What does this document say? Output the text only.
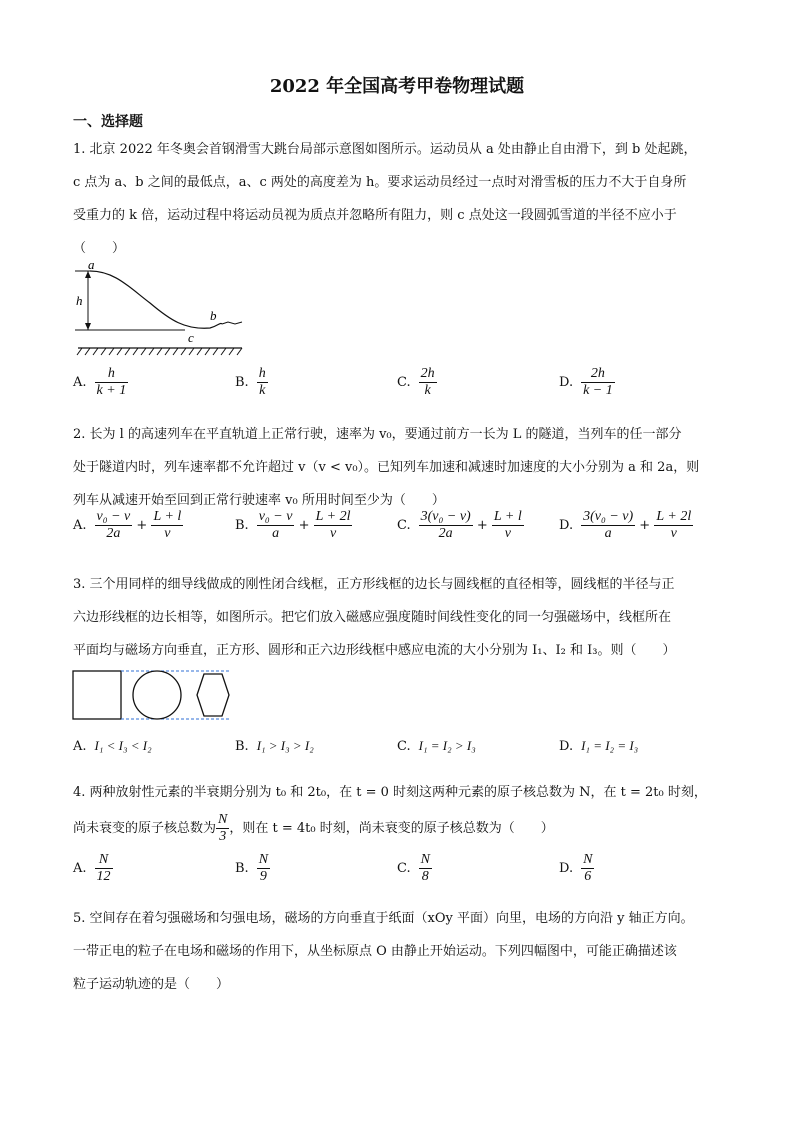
2022 年全国高考甲卷物理试题
一、选择题
1. 北京 2022 年冬奥会首钢滑雪大跳台局部示意图如图所示。运动员从 a 处由静止自由滑下，到 b 处起跳，
c 点为 a、b 之间的最低点，a、c 两处的高度差为 h。要求运动员经过一点时对滑雪板的压力不大于自身所
受重力的 k 倍，运动过程中将运动员视为质点并忽略所有阻力，则 c 点处这一段圆弧雪道的半径不应小于
（　　）
a
h
b
c
A. $\frac{h}{k + 1}$	B. $\frac{h}{k}$	C. $\frac{2h}{k}$	D. $\frac{2h}{k - 1}$
2. 长为 l 的高速列车在平直轨道上正常行驶，速率为 v₀，要通过前方一长为 L 的隧道，当列车的任一部分
处于隧道内时，列车速率都不允许超过 v（v < v₀）。已知列车加速和减速时加速度的大小分别为 a 和 2a，则
列车从减速开始至回到正常行驶速率 v₀ 所用时间至少为（　　）
A. $\frac{\text{v₀ − v}}{2a} + \frac{L + l}{v}$	B. $\frac{\text{v₀ − v}}{a} + \frac{L + 2l}{v}$	C. $\frac{\text{3(v₀ − v)}}{2a} + \frac{L + l}{v}$	D. $\frac{\text{3(v₀ − v)}}{a} + \frac{L + 2l}{v}$
3. 三个用同样的细导线做成的刚性闭合线框，正方形线框的边长与圆线框的直径相等，圆线框的半径与正
六边形线框的边长相等，如图所示。把它们放入磁感应强度随时间线性变化的同一匀强磁场中，线框所在
平面均与磁场方向垂直，正方形、圆形和正六边形线框中感应电流的大小分别为 I₁、I₂ 和 I₃。则（　　）
A. I₁ < I₃ < I₂	B. I₁ > I₃ > I₂	C. I₁ = I₂ > I₃	D. I₁ = I₂ = I₃
4. 两种放射性元素的半衰期分别为 t₀ 和 2t₀，在 t = 0 时刻这两种元素的原子核总数为 N，在 t = 2t₀ 时刻，
尚未衰变的原子核总数为 $\frac{N}{3}$ ，则在 t = 4t₀ 时刻，尚未衰变的原子核总数为（　　）
A. $\frac{N}{12}$	B. $\frac{N}{9}$	C. $\frac{N}{8}$	D. $\frac{N}{6}$
5. 空间存在着匀强磁场和匀强电场，磁场的方向垂直于纸面（xOy 平面）向里，电场的方向沿 y 轴正方向。
一带正电的粒子在电场和磁场的作用下，从坐标原点 O 由静止开始运动。下列四幅图中，可能正确描述该
粒子运动轨迹的是（　　）
